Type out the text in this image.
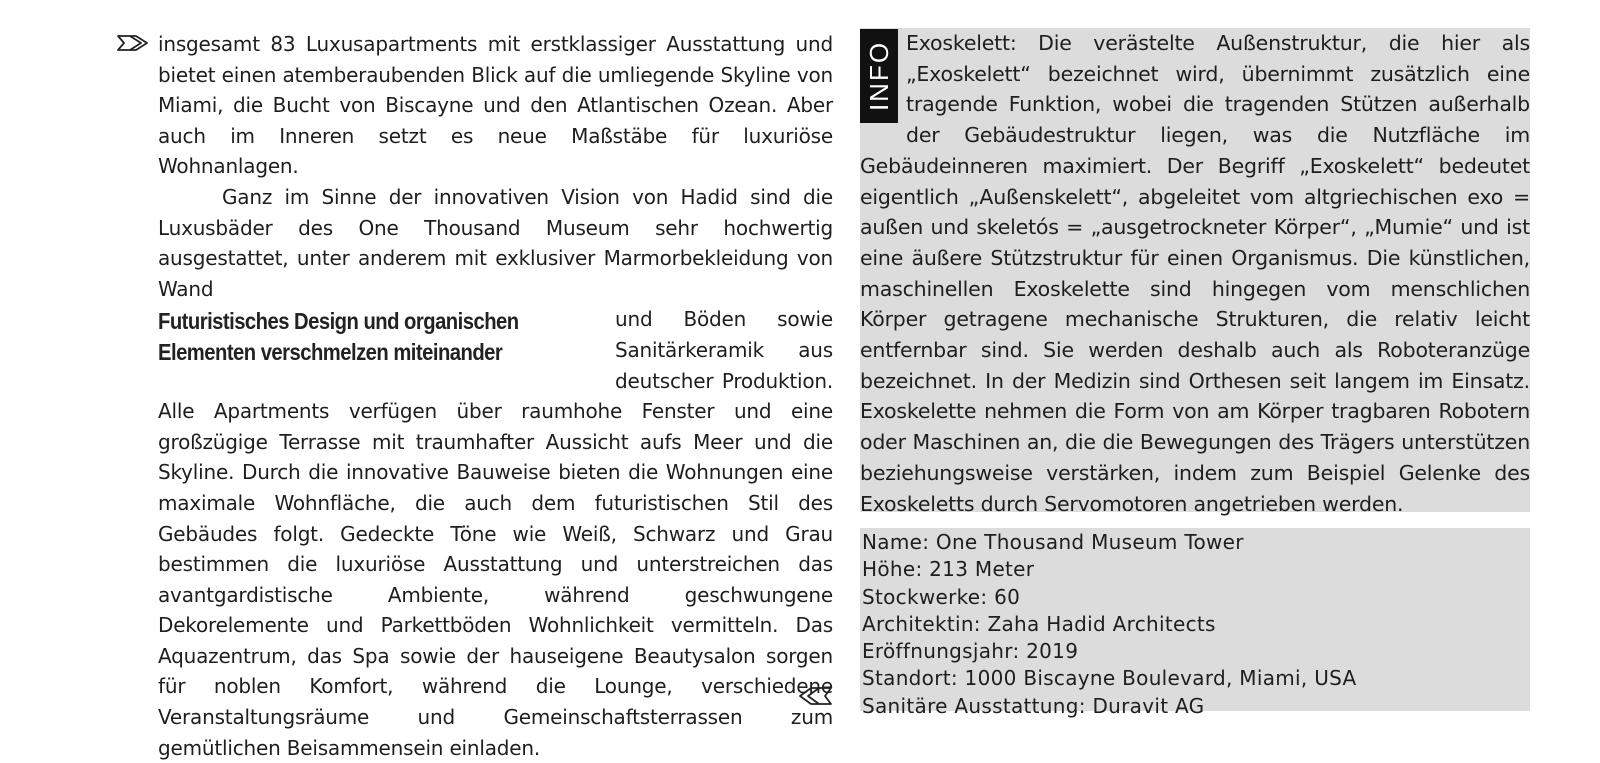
insgesamt 83 Luxusapartments mit erstklassiger Ausstattung und bietet einen atemberaubenden Blick auf die umliegende Skyline von Miami, die Bucht von Biscayne und den Atlantischen Ozean. Aber auch im Inneren setzt es neue Maßstäbe für luxuriöse Wohnanlagen.

Ganz im Sinne der innovativen Vision von Hadid sind die Luxusbäder des One Thousand Museum sehr hochwertig ausgestattet, unter anderem mit exklusiver Marmorbekleidung von Wand

und Böden sowie Sanitärkeramik aus deutscher Produktion.

Futuristisches Design und organischen
Elementen verschmelzen miteinander

Alle Apartments verfügen über raumhohe Fenster und eine großzügige Terrasse mit traumhafter Aussicht aufs Meer und die Skyline. Durch die innovative Bauweise bieten die Wohnungen eine maximale Wohnfläche, die auch dem futuristischen Stil des Gebäudes folgt. Gedeckte Töne wie Weiß, Schwarz und Grau bestimmen die luxuriöse Ausstattung und unterstreichen das avantgardistische Ambiente, während geschwungene Dekorelemente und Parkettböden Wohnlichkeit vermitteln. Das Aquazentrum, das Spa sowie der hauseigene Beautysalon sorgen für noblen Komfort, während die Lounge, verschiedene Veranstaltungsräume und Gemeinschaftsterrassen zum gemütlichen Beisammensein einladen.

INFO Exoskelett: Die verästelte Außenstruktur, die hier als „Exoskelett“ bezeichnet wird, übernimmt zusätzlich eine tragende Funktion, wobei die tragenden Stützen außerhalb der Gebäudestruktur liegen, was die Nutzfläche im Gebäudeinneren maximiert. Der Begriff „Exoskelett“ bedeutet eigentlich „Außenskelett“, abgeleitet vom altgriechischen exo = außen und skeletós = „ausgetrockneter Körper“, „Mumie“ und ist eine äußere Stützstruktur für einen Organismus. Die künstlichen, maschinellen Exoskelette sind hingegen vom menschlichen Körper getragene mechanische Strukturen, die relativ leicht entfernbar sind. Sie werden deshalb auch als Roboteranzüge bezeichnet. In der Medizin sind Orthesen seit langem im Einsatz. Exoskelette nehmen die Form von am Körper tragbaren Robotern oder Maschinen an, die die Bewegungen des Trägers unterstützen beziehungsweise verstärken, indem zum Beispiel Gelenke des Exoskeletts durch Servomotoren angetrieben werden.

Name: One Thousand Museum Tower
Höhe: 213 Meter
Stockwerke: 60
Architektin: Zaha Hadid Architects
Eröffnungsjahr: 2019
Standort: 1000 Biscayne Boulevard, Miami, USA
Sanitäre Ausstattung: Duravit AG
